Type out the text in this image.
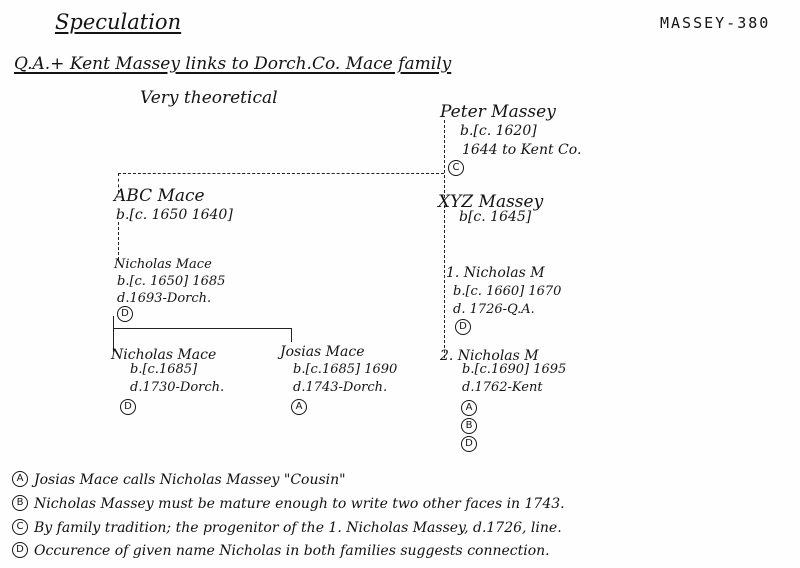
Speculation	MASSEY-380
Q.A.+ Kent Massey links to Dorch.Co. Mace family
Very theoretical
ABC Mace
b.[c. 1650 1640]
Nicholas Mace
b.[c. 1650] 1685
d.1693-Dorch.
D
Nicholas Mace
b.[c.1685]
d.1730-Dorch.
D
Josias Mace
b.[c.1685] 1690
d.1743-Dorch.
A
Peter Massey
b.[c. 1620]
1644 to Kent Co.
C
XYZ Massey
b[c. 1645]
1. Nicholas M
b.[c. 1660] 1670
d. 1726-Q.A.
D
2. Nicholas M
b.[c.1690] 1695
d.1762-Kent
A
B
D
A Josias Mace calls Nicholas Massey "Cousin"
B Nicholas Massey must be mature enough to write two other faces in 1743.
C By family tradition; the progenitor of the 1. Nicholas Massey, d.1726, line.
D Occurence of given name Nicholas in both families suggests connection.
